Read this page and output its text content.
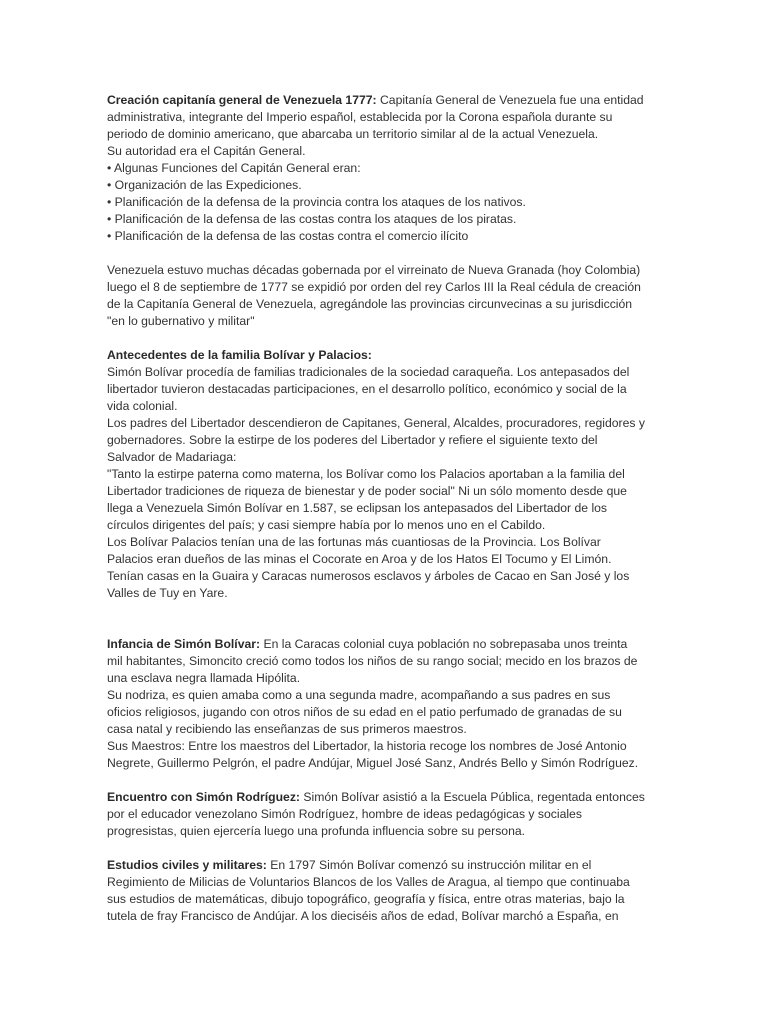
Creación capitanía general de Venezuela 1777: Capitanía General de Venezuela fue una entidad
administrativa, integrante del Imperio español, establecida por la Corona española durante su
periodo de dominio americano, que abarcaba un territorio similar al de la actual Venezuela.
Su autoridad era el Capitán General.
• Algunas Funciones del Capitán General eran:
• Organización de las Expediciones.
• Planificación de la defensa de la provincia contra los ataques de los nativos.
• Planificación de la defensa de las costas contra los ataques de los piratas.
• Planificación de la defensa de las costas contra el comercio ilícito
Venezuela estuvo muchas décadas gobernada por el virreinato de Nueva Granada (hoy Colombia)
luego el 8 de septiembre de 1777 se expidió por orden del rey Carlos III la Real cédula de creación
de la Capitanía General de Venezuela, agregándole las provincias circunvecinas a su jurisdicción
"en lo gubernativo y militar"
Antecedentes de la familia Bolívar y Palacios:
Simón Bolívar procedía de familias tradicionales de la sociedad caraqueña. Los antepasados del
libertador tuvieron destacadas participaciones, en el desarrollo político, económico y social de la
vida colonial.
Los padres del Libertador descendieron de Capitanes, General, Alcaldes, procuradores, regidores y
gobernadores. Sobre la estirpe de los poderes del Libertador y refiere el siguiente texto del
Salvador de Madariaga:
"Tanto la estirpe paterna como materna, los Bolívar como los Palacios aportaban a la familia del
Libertador tradiciones de riqueza de bienestar y de poder social" Ni un sólo momento desde que
llega a Venezuela Simón Bolívar en 1.587, se eclipsan los antepasados del Libertador de los
círculos dirigentes del país; y casi siempre había por lo menos uno en el Cabildo.
Los Bolívar Palacios tenían una de las fortunas más cuantiosas de la Provincia. Los Bolívar
Palacios eran dueños de las minas el Cocorate en Aroa y de los Hatos El Tocumo y El Limón.
Tenían casas en la Guaira y Caracas numerosos esclavos y árboles de Cacao en San José y los
Valles de Tuy en Yare.
Infancia de Simón Bolívar: En la Caracas colonial cuya población no sobrepasaba unos treinta
mil habitantes, Simoncito creció como todos los niños de su rango social; mecido en los brazos de
una esclava negra llamada Hipólita.
Su nodriza, es quien amaba como a una segunda madre, acompañando a sus padres en sus
oficios religiosos, jugando con otros niños de su edad en el patio perfumado de granadas de su
casa natal y recibiendo las enseñanzas de sus primeros maestros.
Sus Maestros: Entre los maestros del Libertador, la historia recoge los nombres de José Antonio
Negrete, Guillermo Pelgrón, el padre Andújar, Miguel José Sanz, Andrés Bello y Simón Rodríguez.
Encuentro con Simón Rodríguez: Simón Bolívar asistió a la Escuela Pública, regentada entonces
por el educador venezolano Simón Rodríguez, hombre de ideas pedagógicas y sociales
progresistas, quien ejercería luego una profunda influencia sobre su persona.
Estudios civiles y militares: En 1797 Simón Bolívar comenzó su instrucción militar en el
Regimiento de Milicias de Voluntarios Blancos de los Valles de Aragua, al tiempo que continuaba
sus estudios de matemáticas, dibujo topográfico, geografía y física, entre otras materias, bajo la
tutela de fray Francisco de Andújar. A los dieciséis años de edad, Bolívar marchó a España, en
